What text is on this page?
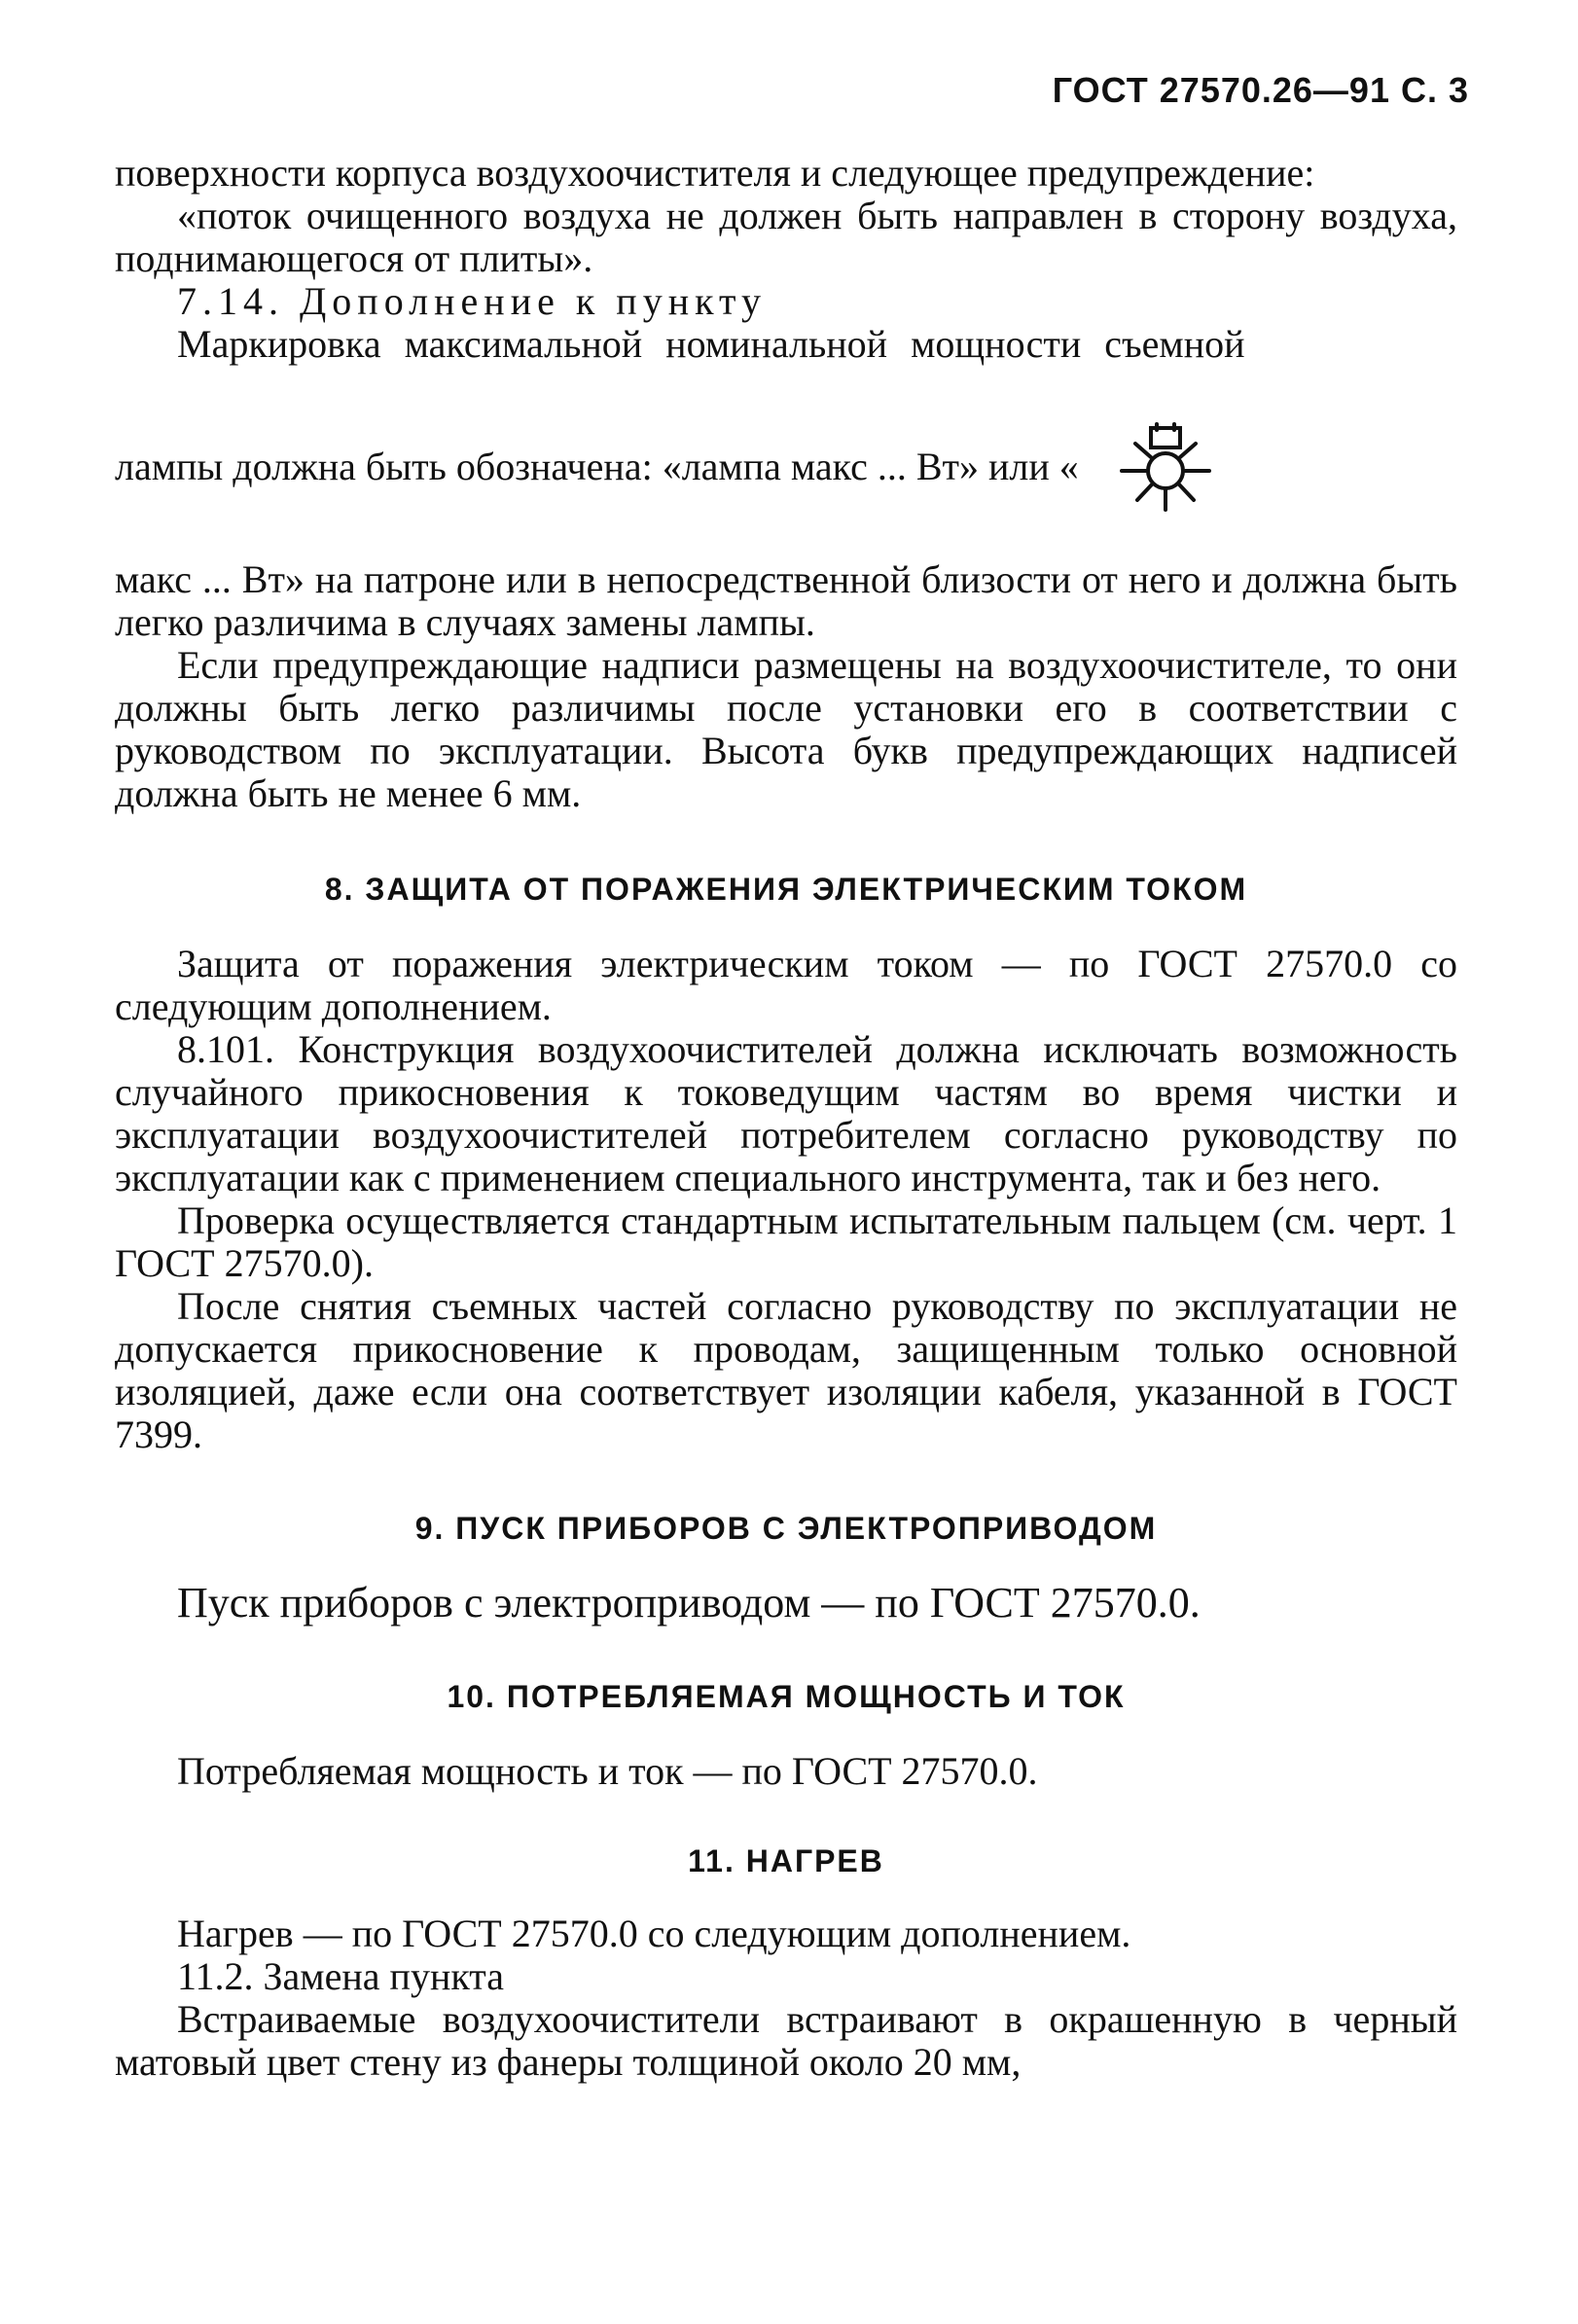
ГОСТ 27570.26—91 С. 3

поверхности корпуса воздухоочистителя и следующее предупреждение:

«поток очищенного воздуха не должен быть направлен в сторону воздуха, поднимающегося от плиты».

7.14. Дополнение к пункту

Маркировка максимальной номинальной мощности съемной

лампы должна быть обозначена: «лампа макс ... Вт» или «

макс ... Вт» на патроне или в непосредственной близости от него и должна быть легко различима в случаях замены лампы.

Если предупреждающие надписи размещены на воздухоочистителе, то они должны быть легко различимы после установки его в соответствии с руководством по эксплуатации. Высота букв предупреждающих надписей должна быть не менее 6 мм.

8. ЗАЩИТА ОТ ПОРАЖЕНИЯ ЭЛЕКТРИЧЕСКИМ ТОКОМ

Защита от поражения электрическим током — по ГОСТ 27570.0 со следующим дополнением.

8.101. Конструкция воздухоочистителей должна исключать возможность случайного прикосновения к токоведущим частям во время чистки и эксплуатации воздухоочистителей потребителем согласно руководству по эксплуатации как с применением специального инструмента, так и без него.

Проверка осуществляется стандартным испытательным пальцем (см. черт. 1 ГОСТ 27570.0).

После снятия съемных частей согласно руководству по эксплуатации не допускается прикосновение к проводам, защищенным только основной изоляцией, даже если она соответствует изоляции кабеля, указанной в ГОСТ 7399.

9. ПУСК ПРИБОРОВ С ЭЛЕКТРОПРИВОДОМ

Пуск приборов с электроприводом — по ГОСТ 27570.0.

10. ПОТРЕБЛЯЕМАЯ МОЩНОСТЬ И ТОК

Потребляемая мощность и ток — по ГОСТ 27570.0.

11. НАГРЕВ

Нагрев — по ГОСТ 27570.0 со следующим дополнением.

11.2. Замена пункта

Встраиваемые воздухоочистители встраивают в окрашенную в черный матовый цвет стену из фанеры толщиной около 20 мм,
